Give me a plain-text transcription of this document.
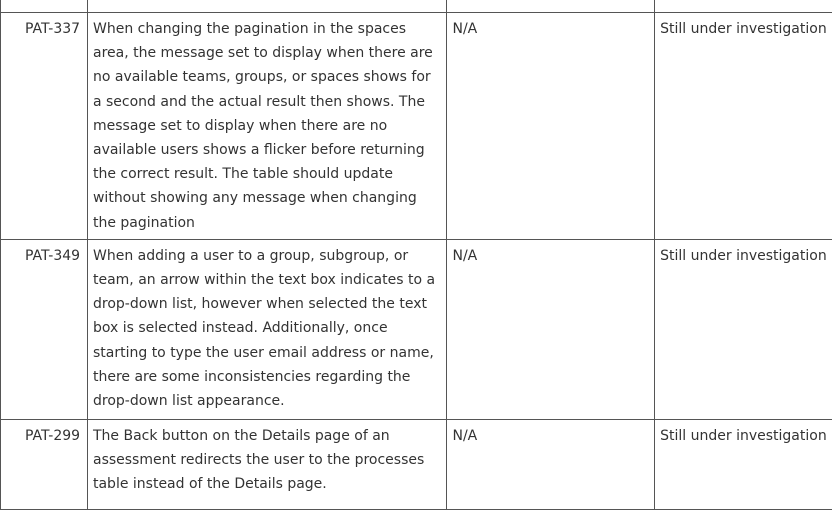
PAT-337	When changing the pagination in the spaces area, the message set to display when there are no available teams, groups, or spaces shows for a second and the actual result then shows. The message set to display when there are no available users shows a flicker before returning the correct result. The table should update without showing any message when changing the pagination	N/A	Still under investigation
PAT-349	When adding a user to a group, subgroup, or team, an arrow within the text box indicates to a drop-down list, however when selected the text box is selected instead. Additionally, once starting to type the user email address or name, there are some inconsistencies regarding the drop-down list appearance.	N/A	Still under investigation
PAT-299	The Back button on the Details page of an assessment redirects the user to the processes table instead of the Details page.	N/A	Still under investigation
